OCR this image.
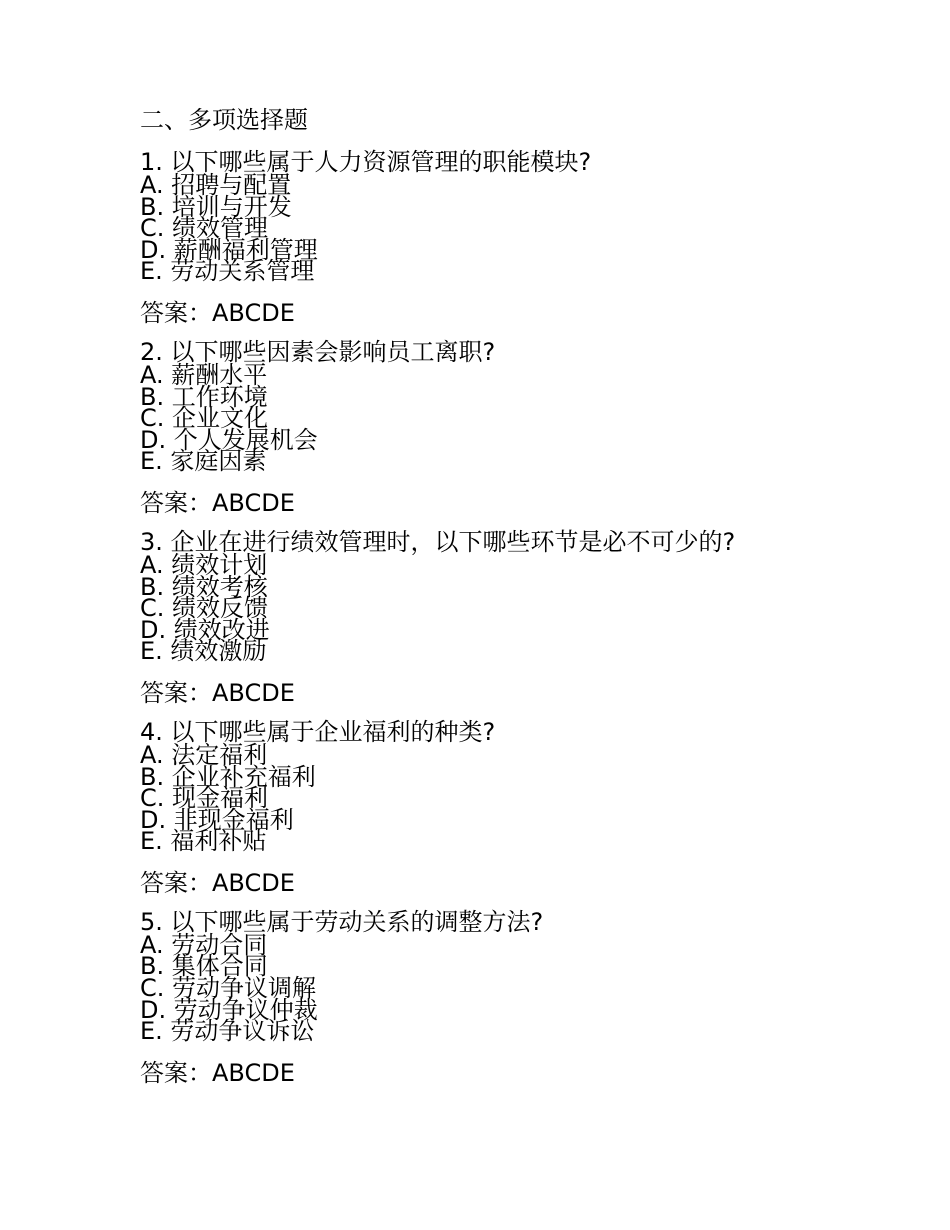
二、多项选择题
1. 以下哪些属于人力资源管理的职能模块?
A. 招聘与配置
B. 培训与开发
C. 绩效管理
D. 薪酬福利管理
E. 劳动关系管理
答案：ABCDE
2. 以下哪些因素会影响员工离职?
A. 薪酬水平
B. 工作环境
C. 企业文化
D. 个人发展机会
E. 家庭因素
答案：ABCDE
3. 企业在进行绩效管理时，以下哪些环节是必不可少的?
A. 绩效计划
B. 绩效考核
C. 绩效反馈
D. 绩效改进
E. 绩效激励
答案：ABCDE
4. 以下哪些属于企业福利的种类?
A. 法定福利
B. 企业补充福利
C. 现金福利
D. 非现金福利
E. 福利补贴
答案：ABCDE
5. 以下哪些属于劳动关系的调整方法?
A. 劳动合同
B. 集体合同
C. 劳动争议调解
D. 劳动争议仲裁
E. 劳动争议诉讼
答案：ABCDE
